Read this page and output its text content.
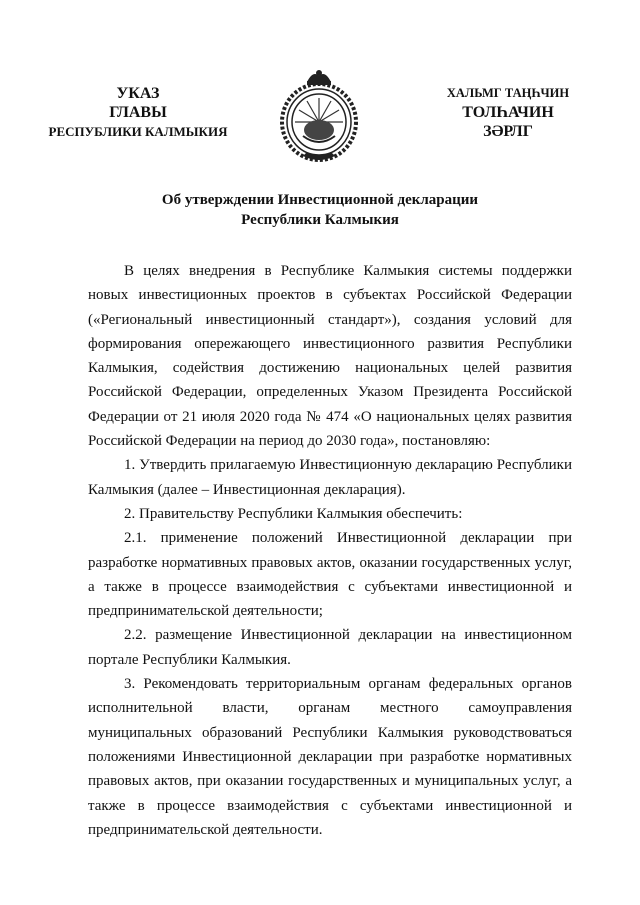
УКАЗ
ГЛАВЫ
РЕСПУБЛИКИ КАЛМЫКИЯ
ХАЛЬМГ ТАҢҺЧИН
ТОЛҺАЧИН
ЗӘРЛГ
Об утверждении Инвестиционной декларации
Республики Калмыкия

В целях внедрения в Республике Калмыкия системы поддержки новых инвестиционных проектов в субъектах Российской Федерации («Региональный инвестиционный стандарт»), создания условий для формирования опережающего инвестиционного развития Республики Калмыкия, содействия достижению национальных целей развития Российской Федерации, определенных Указом Президента Российской Федерации от 21 июля 2020 года № 474 «О национальных целях развития Российской Федерации на период до 2030 года», постановляю:

1. Утвердить прилагаемую Инвестиционную декларацию Республики Калмыкия (далее – Инвестиционная декларация).

2. Правительству Республики Калмыкия обеспечить:

2.1. применение положений Инвестиционной декларации при разработке нормативных правовых актов, оказании государственных услуг, а также в процессе взаимодействия с субъектами инвестиционной и предпринимательской деятельности;

2.2. размещение Инвестиционной декларации на инвестиционном портале Республики Калмыкия.

3. Рекомендовать территориальным органам федеральных органов исполнительной власти, органам местного самоуправления муниципальных образований Республики Калмыкия руководствоваться положениями Инвестиционной декларации при разработке нормативных правовых актов, при оказании государственных и муниципальных услуг, а также в процессе взаимодействия с субъектами инвестиционной и предпринимательской деятельности.
